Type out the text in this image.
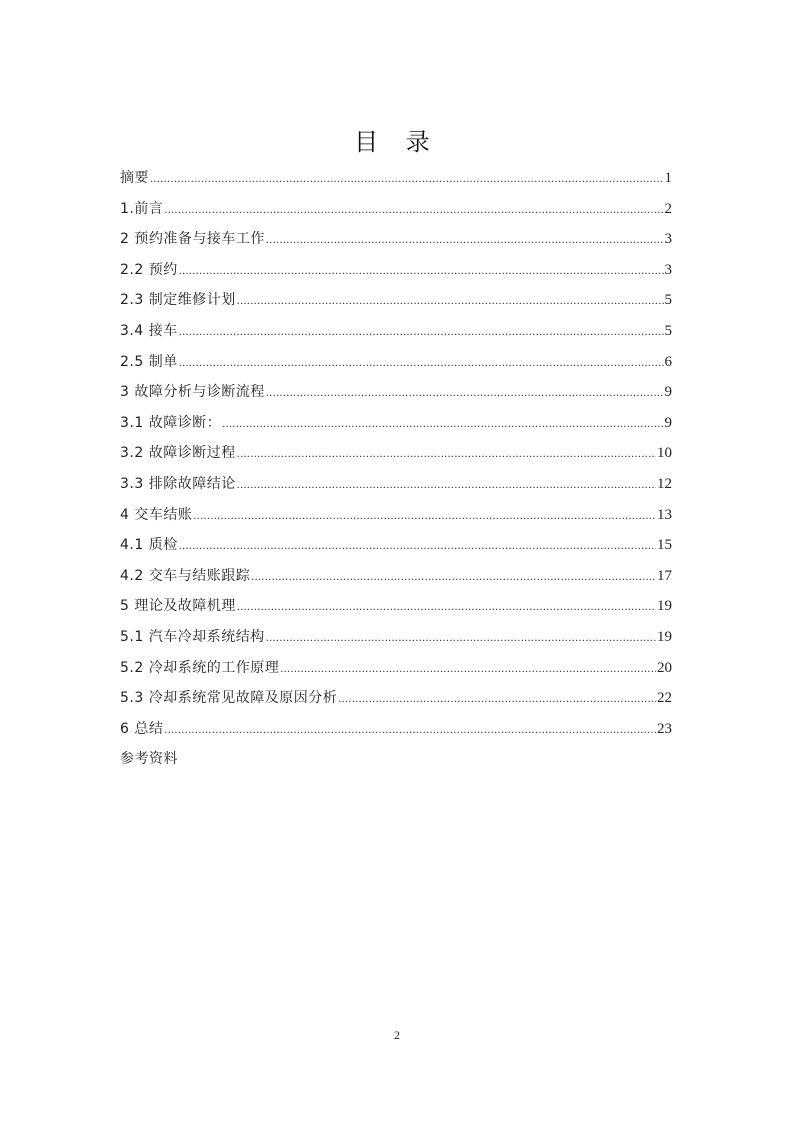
目 录
摘要 .....	1
1.前言 .....	2
2 预约准备与接车工作 .....	3
2.2 预约 .....	3
2.3 制定维修计划 .....	5
3.4 接车 .....	5
2.5 制单 .....	6
3 故障分析与诊断流程 .....	9
3.1 故障诊断： .....	9
3.2 故障诊断过程 .....	10
3.3 排除故障结论 .....	12
4 交车结账 .....	13
4.1 质检 .....	15
4.2 交车与结账跟踪 .....	17
5 理论及故障机理 .....	19
5.1 汽车冷却系统结构 .....	19
5.2 冷却系统的工作原理 .....	20
5.3 冷却系统常见故障及原因分析 .....	22
6 总结 .....	23
参考资料
2
